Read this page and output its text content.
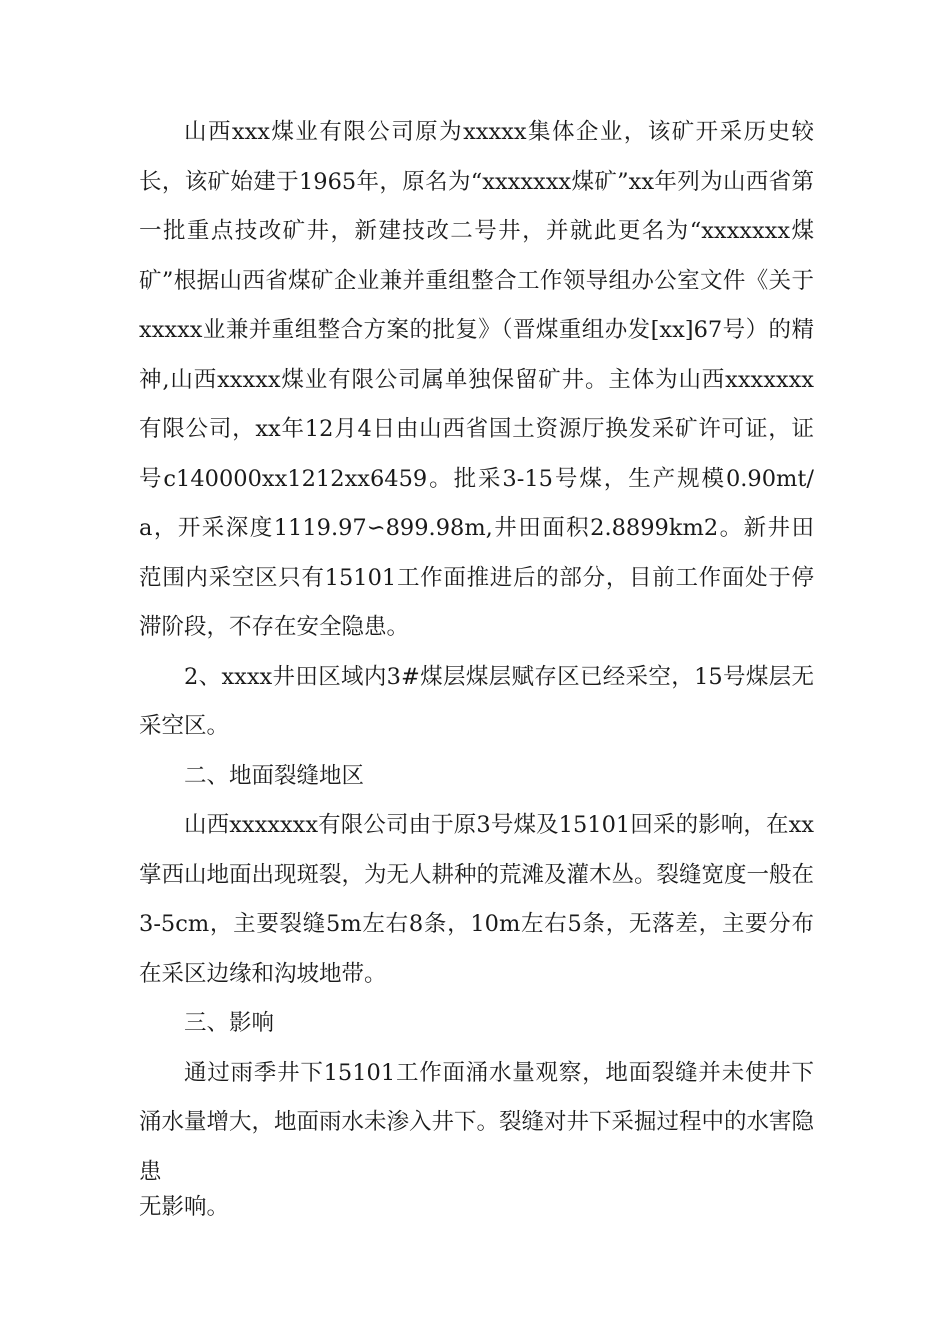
山西xxx煤业有限公司原为xxxxx集体企业，该矿开采历史较长，该矿始建于1965年，原名为“xxxxxxx煤矿”xx年列为山西省第一批重点技改矿井，新建技改二号井，并就此更名为“xxxxxxx煤矿”根据山西省煤矿企业兼并重组整合工作领导组办公室文件《关于xxxxx业兼并重组整合方案的批复》（晋煤重组办发[xx]67号）的精神,山西xxxxx煤业有限公司属单独保留矿井。主体为山西xxxxxxx有限公司，xx年12月4日由山西省国土资源厅换发采矿许可证，证号c140000xx1212xx6459。批采3-15号煤，生产规模0.90mt/a，开采深度1119.97∽899.98m,井田面积2.8899km2。新井田范围内采空区只有15101工作面推进后的部分，目前工作面处于停滞阶段，不存在安全隐患。

2、xxxx井田区域内3#煤层煤层赋存区已经采空，15号煤层无采空区。

二、地面裂缝地区

山西xxxxxxx有限公司由于原3号煤及15101回采的影响，在xx掌西山地面出现斑裂，为无人耕种的荒滩及灌木丛。裂缝宽度一般在3-5cm，主要裂缝5m左右8条，10m左右5条，无落差，主要分布在采区边缘和沟坡地带。

三、影响

通过雨季井下15101工作面涌水量观察，地面裂缝并未使井下涌水量增大，地面雨水未渗入井下。裂缝对井下采掘过程中的水害隐患

无影响。
